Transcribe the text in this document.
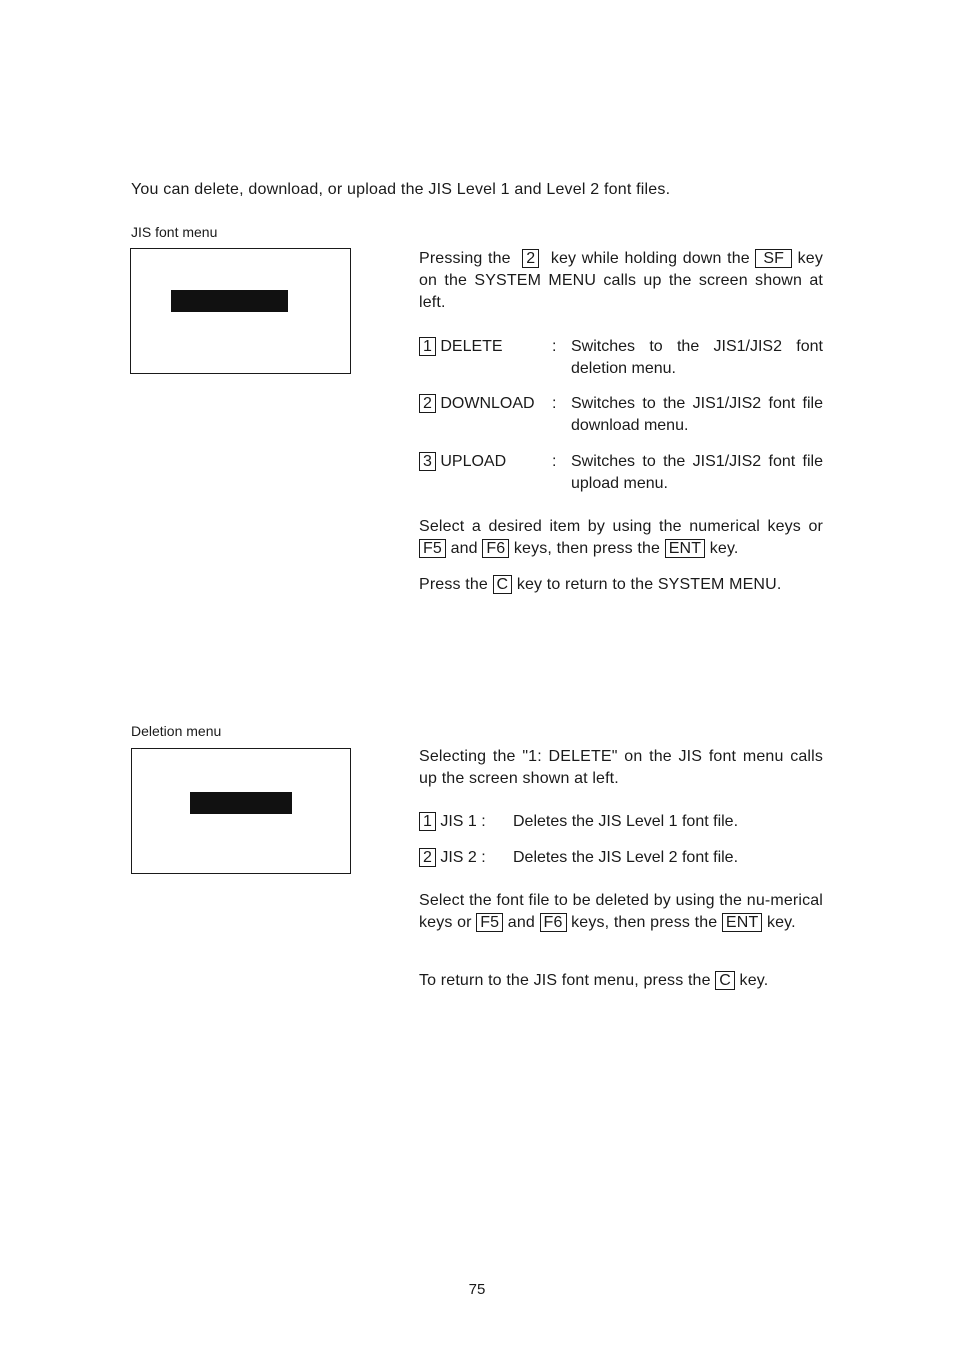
You can delete, download, or upload the JIS Level 1 and Level 2 font files.
JIS font menu

Pressing the 2 key while holding down the SF key on the SYSTEM MENU calls up the screen shown at left.

1 DELETE	: Switches to the JIS1/JIS2 font deletion menu.
2 DOWNLOAD : Switches to the JIS1/JIS2 font file download menu.
3 UPLOAD	: Switches to the JIS1/JIS2 font file upload menu.

Select a desired item by using the numerical keys or F5 and F6 keys, then press the ENT key.

Press the C key to return to the SYSTEM MENU.

Deletion menu

Selecting the "1: DELETE" on the JIS font menu calls up the screen shown at left.

1 JIS 1 : Deletes the JIS Level 1 font file.
2 JIS 2 : Deletes the JIS Level 2 font file.

Select the font file to be deleted by using the nu-merical keys or F5 and F6 keys, then press the ENT key.

To return to the JIS font menu, press the C key.

75
